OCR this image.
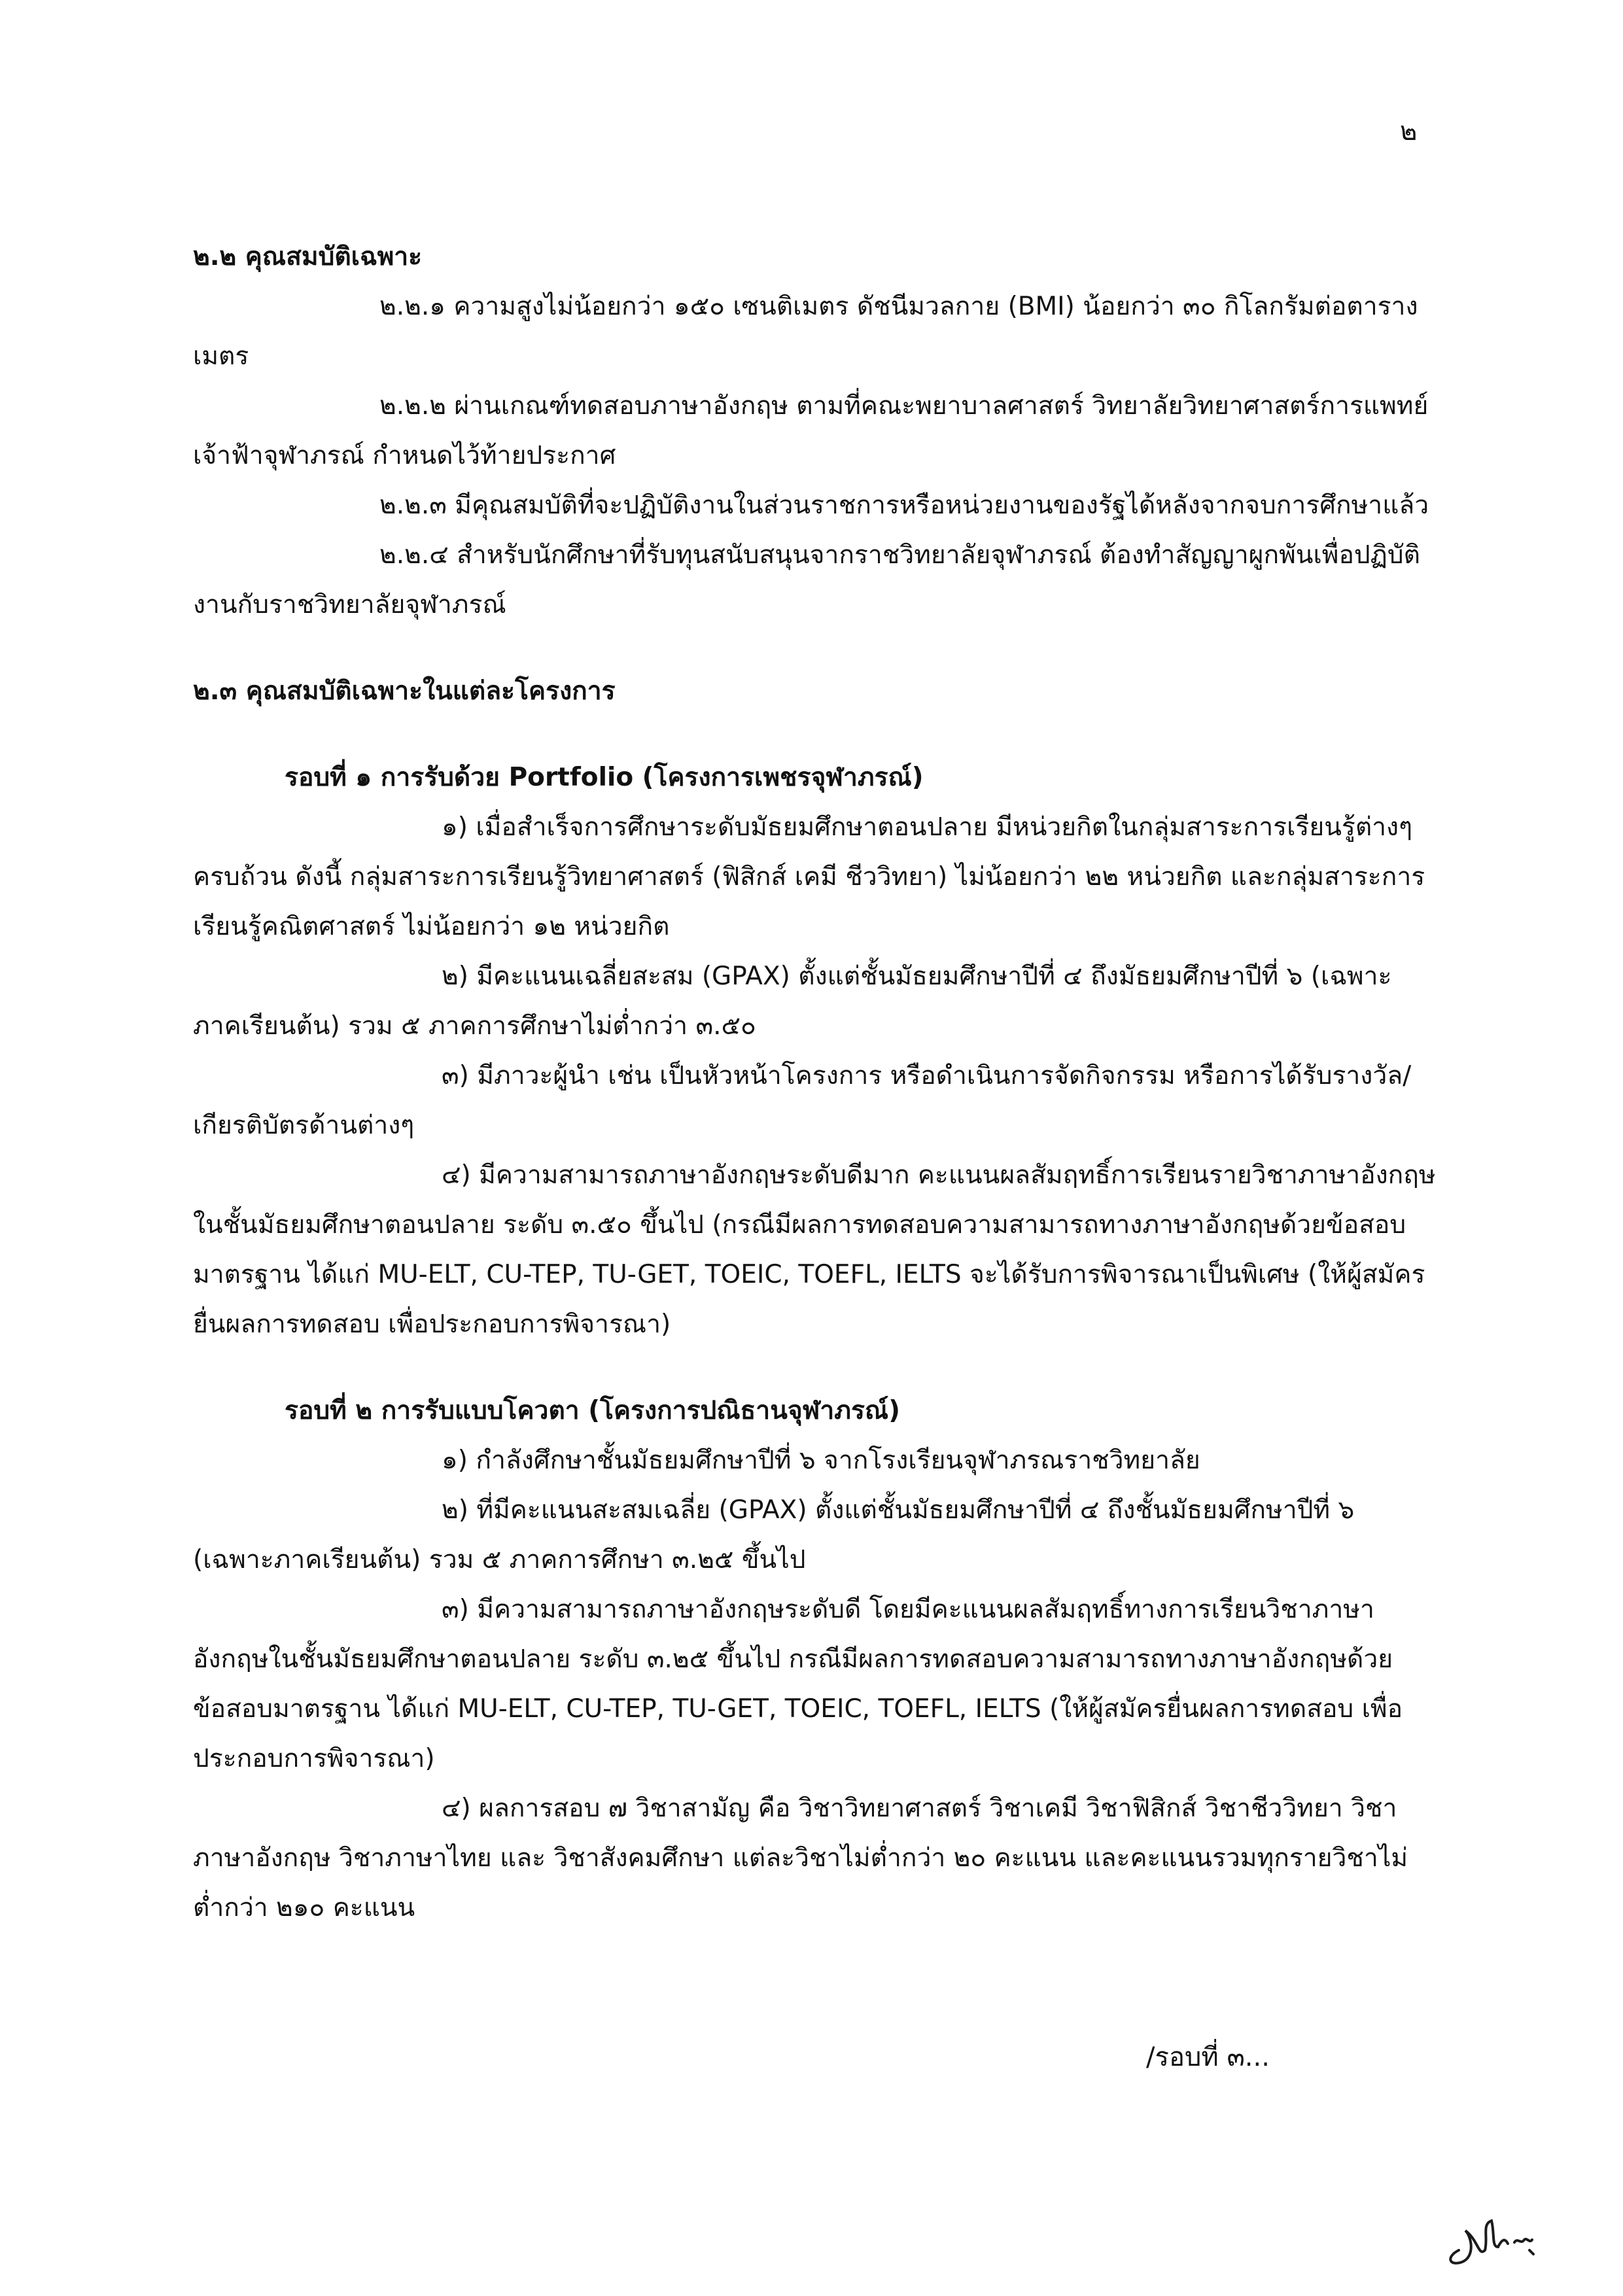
๒

๒.๒ คุณสมบัติเฉพาะ

๒.๒.๑ ความสูงไม่น้อยกว่า ๑๕๐ เซนติเมตร ดัชนีมวลกาย (BMI) น้อยกว่า ๓๐ กิโลกรัมต่อตารางเมตร

๒.๒.๒ ผ่านเกณฑ์ทดสอบภาษาอังกฤษ ตามที่คณะพยาบาลศาสตร์ วิทยาลัยวิทยาศาสตร์การแพทย์เจ้าฟ้าจุฬาภรณ์ กำหนดไว้ท้ายประกาศ

๒.๒.๓ มีคุณสมบัติที่จะปฏิบัติงานในส่วนราชการหรือหน่วยงานของรัฐได้หลังจากจบการศึกษาแล้ว

๒.๒.๔ สำหรับนักศึกษาที่รับทุนสนับสนุนจากราชวิทยาลัยจุฬาภรณ์ ต้องทำสัญญาผูกพันเพื่อปฏิบัติงานกับราชวิทยาลัยจุฬาภรณ์

๒.๓ คุณสมบัติเฉพาะในแต่ละโครงการ

รอบที่ ๑ การรับด้วย Portfolio (โครงการเพชรจุฬาภรณ์)

๑) เมื่อสำเร็จการศึกษาระดับมัธยมศึกษาตอนปลาย มีหน่วยกิตในกลุ่มสาระการเรียนรู้ต่างๆ ครบถ้วน ดังนี้ กลุ่มสาระการเรียนรู้วิทยาศาสตร์ (ฟิสิกส์ เคมี ชีววิทยา) ไม่น้อยกว่า ๒๒ หน่วยกิต และกลุ่มสาระการเรียนรู้คณิตศาสตร์ ไม่น้อยกว่า ๑๒ หน่วยกิต

๒) มีคะแนนเฉลี่ยสะสม (GPAX) ตั้งแต่ชั้นมัธยมศึกษาปีที่ ๔ ถึงมัธยมศึกษาปีที่ ๖ (เฉพาะภาคเรียนต้น) รวม ๕ ภาคการศึกษาไม่ต่ำกว่า ๓.๕๐

๓) มีภาวะผู้นำ เช่น เป็นหัวหน้าโครงการ หรือดำเนินการจัดกิจกรรม หรือการได้รับรางวัล/ เกียรติบัตรด้านต่างๆ

๔) มีความสามารถภาษาอังกฤษระดับดีมาก คะแนนผลสัมฤทธิ์การเรียนรายวิชาภาษาอังกฤษในชั้นมัธยมศึกษาตอนปลาย ระดับ ๓.๕๐ ขึ้นไป (กรณีมีผลการทดสอบความสามารถทางภาษาอังกฤษด้วยข้อสอบมาตรฐาน ได้แก่ MU-ELT, CU-TEP, TU-GET, TOEIC, TOEFL, IELTS จะได้รับการพิจารณาเป็นพิเศษ (ให้ผู้สมัครยื่นผลการทดสอบ เพื่อประกอบการพิจารณา)

รอบที่ ๒ การรับแบบโควตา (โครงการปณิธานจุฬาภรณ์)

๑) กำลังศึกษาชั้นมัธยมศึกษาปีที่ ๖ จากโรงเรียนจุฬาภรณราชวิทยาลัย

๒) ที่มีคะแนนสะสมเฉลี่ย (GPAX) ตั้งแต่ชั้นมัธยมศึกษาปีที่ ๔ ถึงชั้นมัธยมศึกษาปีที่ ๖ (เฉพาะภาคเรียนต้น) รวม ๕ ภาคการศึกษา ๓.๒๕ ขึ้นไป

๓) มีความสามารถภาษาอังกฤษระดับดี โดยมีคะแนนผลสัมฤทธิ์ทางการเรียนวิชาภาษาอังกฤษในชั้นมัธยมศึกษาตอนปลาย ระดับ ๓.๒๕ ขึ้นไป กรณีมีผลการทดสอบความสามารถทางภาษาอังกฤษด้วยข้อสอบมาตรฐาน ได้แก่ MU-ELT, CU-TEP, TU-GET, TOEIC, TOEFL, IELTS (ให้ผู้สมัครยื่นผลการทดสอบ เพื่อประกอบการพิจารณา)

๔) ผลการสอบ ๗ วิชาสามัญ คือ วิชาวิทยาศาสตร์ วิชาเคมี วิชาฟิสิกส์ วิชาชีววิทยา วิชาภาษาอังกฤษ วิชาภาษาไทย และ วิชาสังคมศึกษา แต่ละวิชาไม่ต่ำกว่า ๒๐ คะแนน และคะแนนรวมทุกรายวิชาไม่ต่ำกว่า ๒๑๐ คะแนน

/รอบที่ ๓...
